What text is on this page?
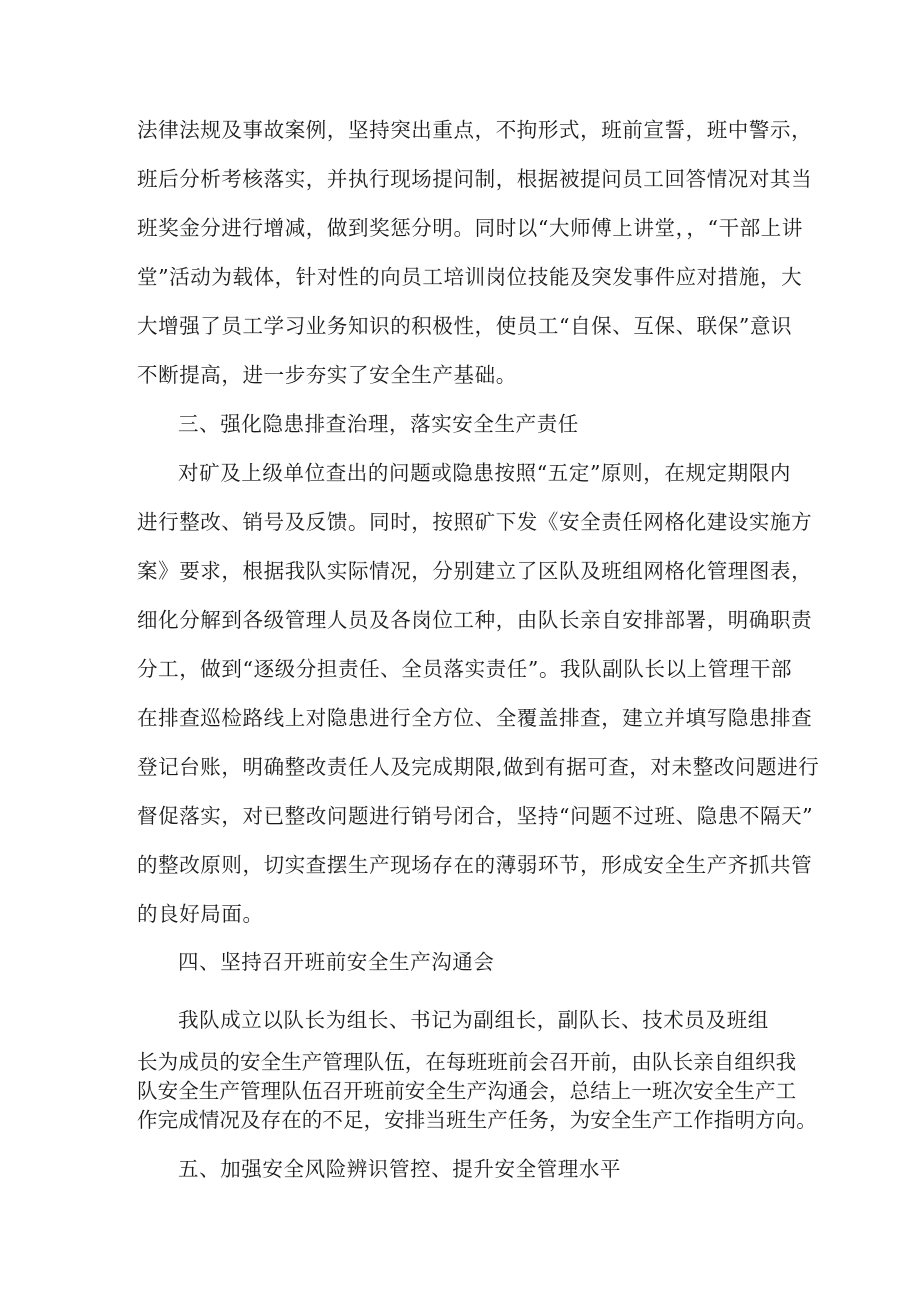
法律法规及事故案例，坚持突出重点，不拘形式，班前宣誓，班中警示，
班后分析考核落实，并执行现场提问制，根据被提问员工回答情况对其当
班奖金分进行增减，做到奖惩分明。同时以“大师傅上讲堂，，“干部上讲
堂”活动为载体，针对性的向员工培训岗位技能及突发事件应对措施，大
大增强了员工学习业务知识的积极性，使员工“自保、互保、联保”意识
不断提高，进一步夯实了安全生产基础。
三、强化隐患排查治理，落实安全生产责任
对矿及上级单位查出的问题或隐患按照“五定”原则，在规定期限内
进行整改、销号及反馈。同时，按照矿下发《安全责任网格化建设实施方
案》要求，根据我队实际情况，分别建立了区队及班组网格化管理图表，
细化分解到各级管理人员及各岗位工种，由队长亲自安排部署，明确职责
分工，做到“逐级分担责任、全员落实责任”。我队副队长以上管理干部
在排查巡检路线上对隐患进行全方位、全覆盖排查，建立并填写隐患排查
登记台账，明确整改责任人及完成期限,做到有据可查，对未整改问题进行
督促落实，对已整改问题进行销号闭合，坚持“问题不过班、隐患不隔天”
的整改原则，切实查摆生产现场存在的薄弱环节，形成安全生产齐抓共管
的良好局面。
四、坚持召开班前安全生产沟通会
我队成立以队长为组长、书记为副组长，副队长、技术员及班组
长为成员的安全生产管理队伍，在每班班前会召开前，由队长亲自组织我
队安全生产管理队伍召开班前安全生产沟通会，总结上一班次安全生产工
作完成情况及存在的不足，安排当班生产任务，为安全生产工作指明方向。
五、加强安全风险辨识管控、提升安全管理水平
